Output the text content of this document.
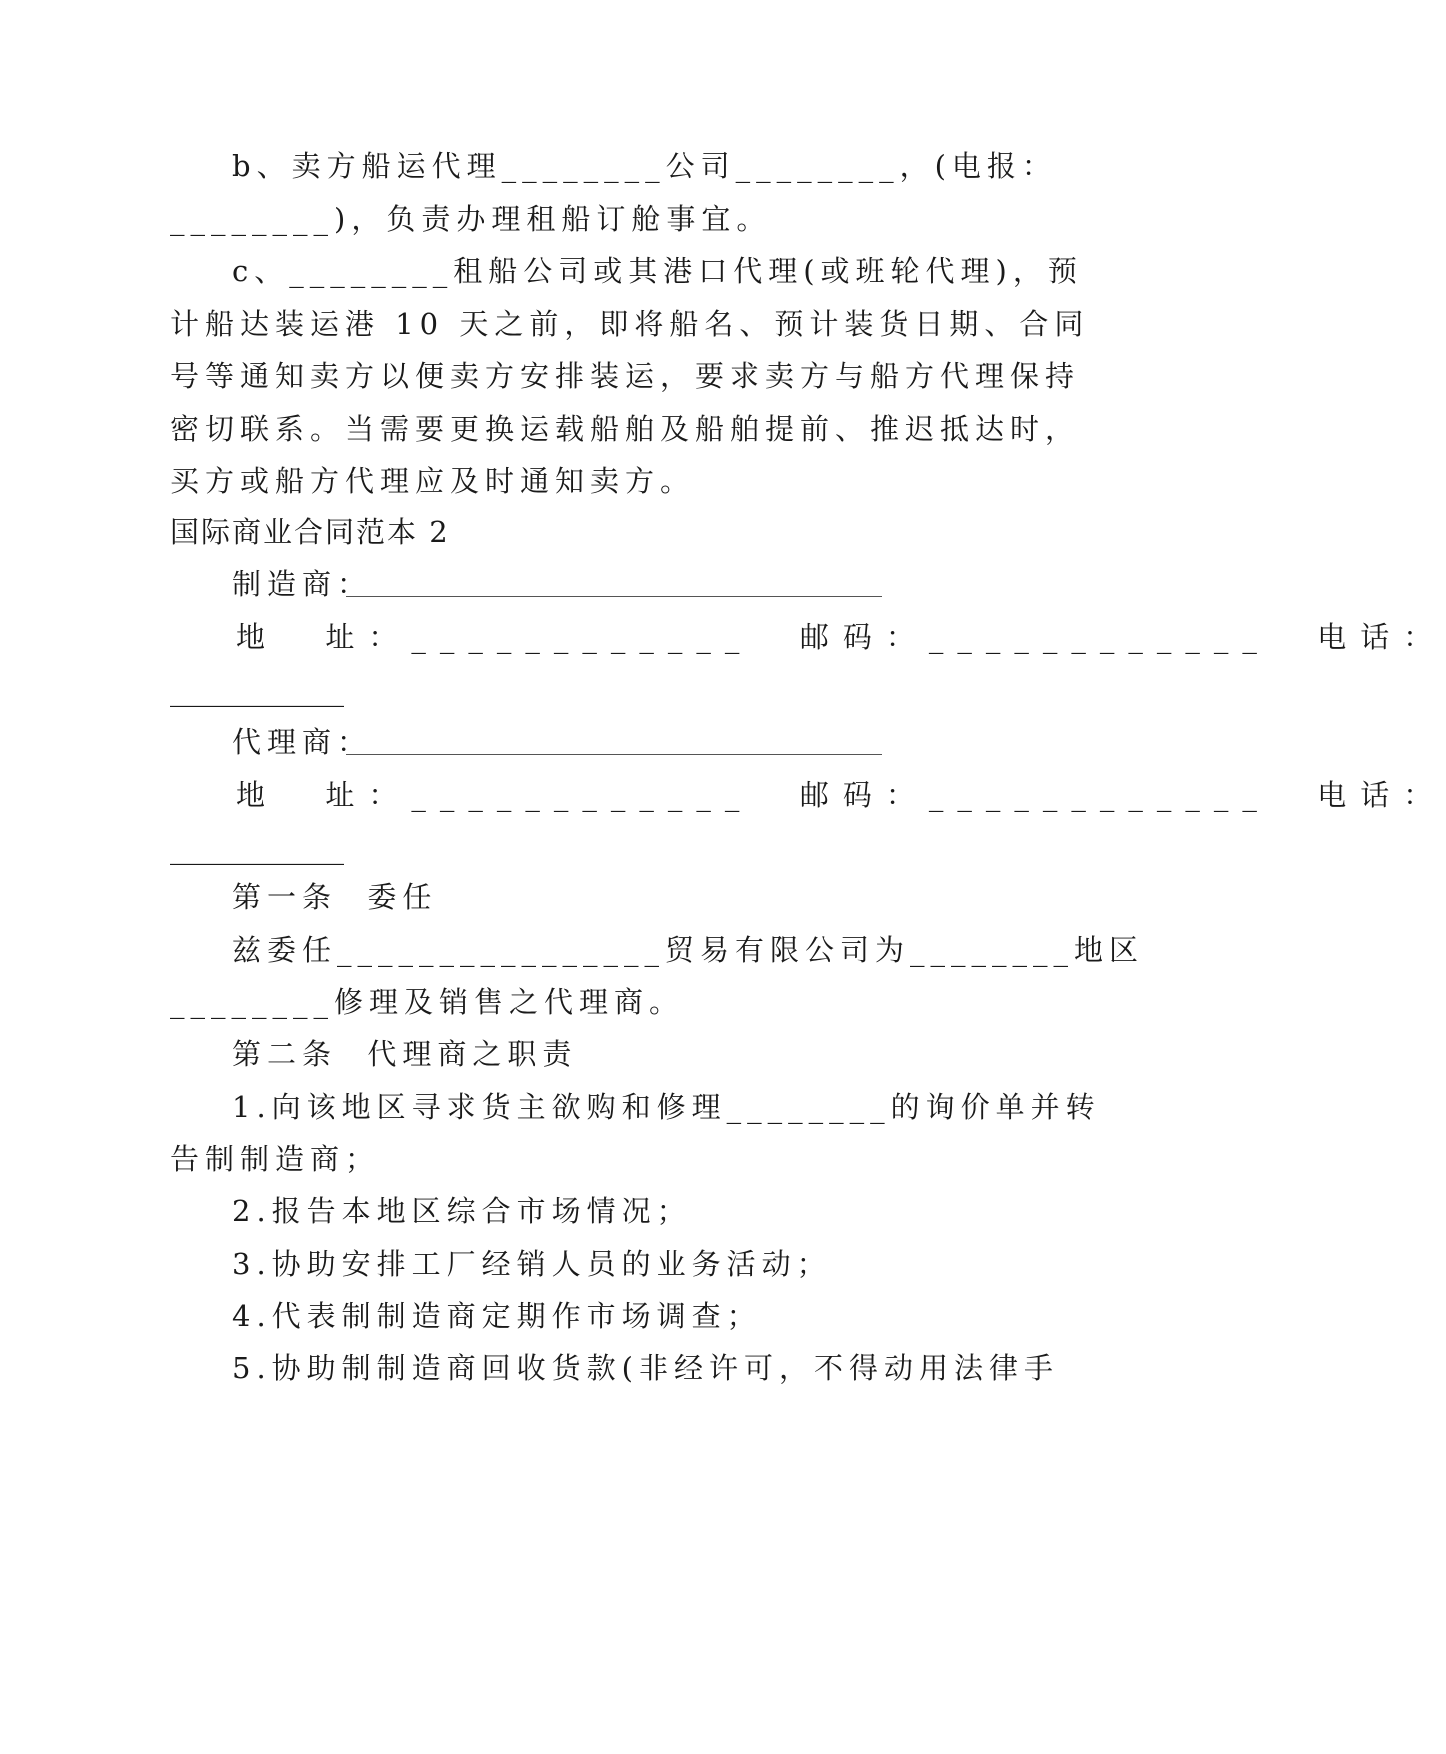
b、卖方船运代理________公司________，(电报：
________)，负责办理租船订舱事宜。
c、________租船公司或其港口代理(或班轮代理)，预
计船达装运港 10 天之前，即将船名、预计装货日期、合同
号等通知卖方以便卖方安排装运，要求卖方与船方代理保持
密切联系。当需要更换运载船舶及船舶提前、推迟抵达时，
买方或船方代理应及时通知卖方。
国际商业合同范本 2
制造商：
地  址：____________  邮码：____________  电话：
____________
代理商：
地  址：____________  邮码：____________  电话：
____________
第一条  委任
兹委任________________贸易有限公司为________地区
________修理及销售之代理商。
第二条  代理商之职责
1.向该地区寻求货主欲购和修理________的询价单并转
告制制造商；
2.报告本地区综合市场情况；
3.协助安排工厂经销人员的业务活动；
4.代表制制造商定期作市场调查；
5.协助制制造商回收货款(非经许可，不得动用法律手
